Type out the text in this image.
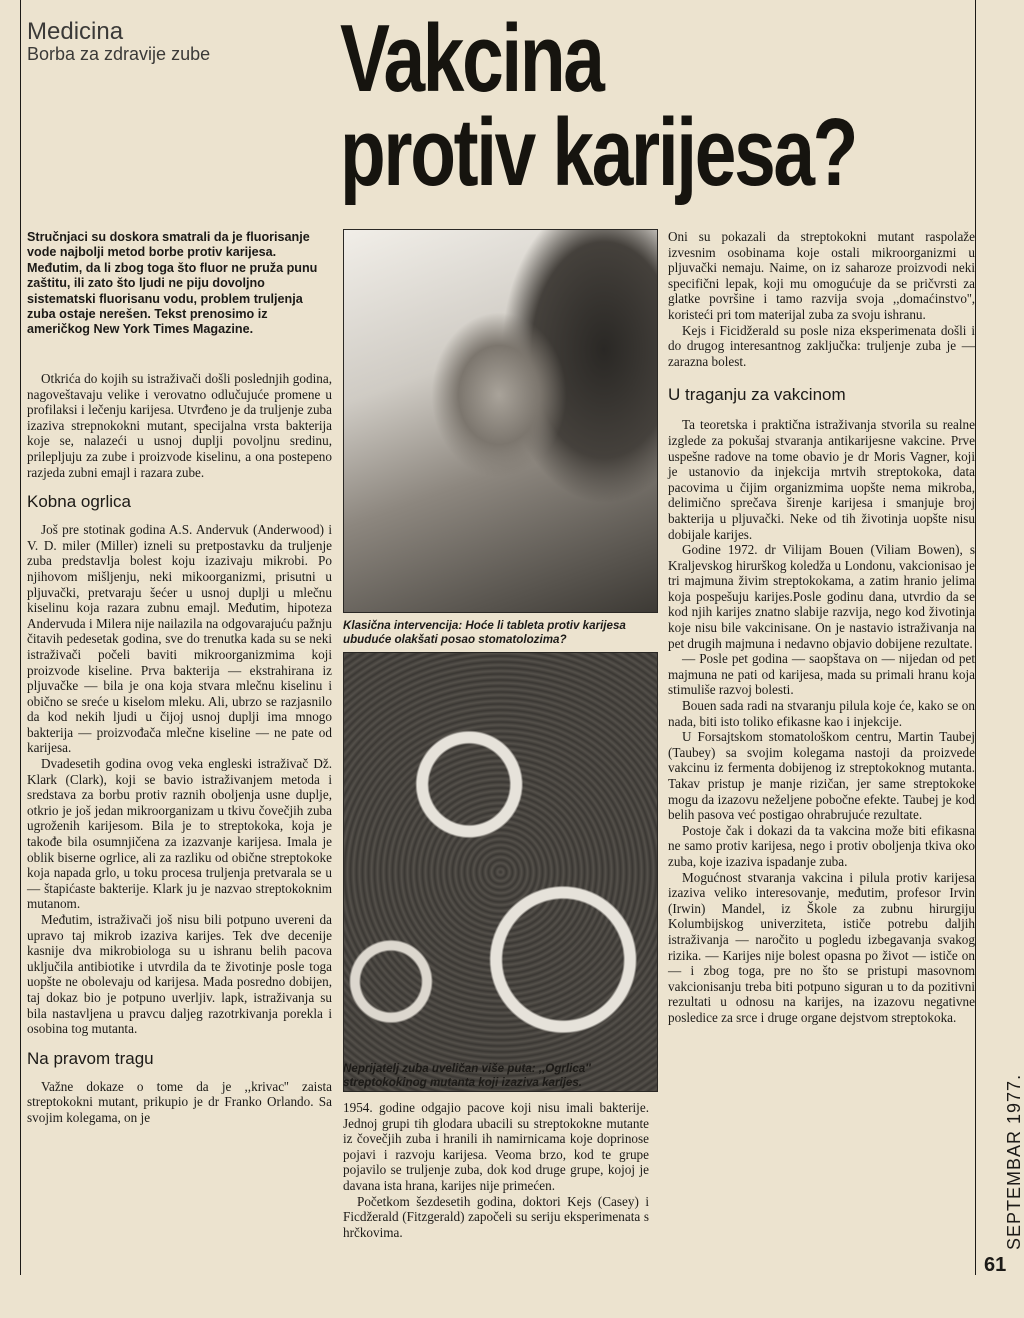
Medicina
Borba za zdravije zube Vakcina
protiv karijesa?
Stručnjaci su doskora smatrali da je fluorisanje vode najbolji metod borbe protiv karijesa. Međutim, da li zbog toga što fluor ne pruža punu zaštitu, ili zato što ljudi ne piju dovoljno sistematski fluorisanu vodu, problem truljenja zuba ostaje nerešen. Tekst prenosimo iz američkog New York Times Magazine.

Otkrića do kojih su istraživači došli poslednjih godina, nagoveštavaju velike i verovatno odlučujuće promene u profilaksi i lečenju karijesa. Utvrđeno je da truljenje zuba izaziva strepnokokni mutant, specijalna vrsta bakterija koje se, nalazeći u usnoj duplji povoljnu sredinu, prilepljuju za zube i proizvode kiselinu, a ona postepeno razjeda zubni emajl i razara zube.

Kobna ogrlica

Još pre stotinak godina A.S. Andervuk (Anderwood) i V. D. miler (Miller) izneli su pretpostavku da truljenje zuba predstavlja bolest koju izazivaju mikrobi. Po njihovom mišljenju, neki mikoorganizmi, prisutni u pljuvački, pretvaraju šećer u usnoj duplji u mlečnu kiselinu koja razara zubnu emajl. Međutim, hipoteza Andervuda i Milera nije nailazila na odgovarajuću pažnju čitavih pedesetak godina, sve do trenutka kada su se neki istraživači počeli baviti mikroorganizmima koji proizvode kiseline. Prva bakterija — ekstrahirana iz pljuvačke — bila je ona koja stvara mlečnu kiselinu i obično se sreće u kiselom mleku. Ali, ubrzo se razjasnilo da kod nekih ljudi u čijoj usnoj duplji ima mnogo bakterija — proizvođača mlečne kiseline — ne pate od karijesa.

Dvadesetih godina ovog veka engleski istraživač Dž. Klark (Clark), koji se bavio istraživanjem metoda i sredstava za borbu protiv raznih oboljenja usne duplje, otkrio je još jedan mikroorganizam u tkivu čovečjih zuba ugroženih karijesom. Bila je to streptokoka, koja je takođe bila osumnjičena za izazvanje karijesa. Imala je oblik biserne ogrlice, ali za razliku od obične streptokoke koja napada grlo, u toku procesa truljenja pretvarala se u — štapićaste bakterije. Klark ju je nazvao streptokoknim mutanom.

Međutim, istraživači još nisu bili potpuno uvereni da upravo taj mikrob izaziva karijes. Tek dve decenije kasnije dva mikrobiologa su u ishranu belih pacova uključila antibiotike i utvrdila da te životinje posle toga uopšte ne obolevaju od karijesa. Mada posredno dobijen, taj dokaz bio je potpuno uverljiv. lapk, istraživanja su bila nastavljena u pravcu daljeg razotrkivanja porekla i osobina tog mutanta.

Na pravom tragu

Važne dokaze o tome da je ,,krivac'' zaista streptokokni mutant, prikupio je dr Franko Orlando. Sa svojim kolegama, on je

Klasična intervencija: Hoće li tableta protiv karijesa ubuduće olakšati posao stomatolozima?
Neprijatelj zuba uveličan više puta: ,,Ogrlica'' streptokokinog mutanta koji izaziva karijes.

1954. godine odgajio pacove koji nisu imali bakterije. Jednoj grupi tih glodara ubacili su streptokokne mutante iz čovečjih zuba i hranili ih namirnicama koje doprinose pojavi i razvoju karijesa. Veoma brzo, kod te grupe pojavilo se truljenje zuba, dok kod druge grupe, kojoj je davana ista hrana, karijes nije primećen.

Početkom šezdesetih godina, doktori Kejs (Casey) i Ficdžerald (Fitzgerald) započeli su seriju eksperimenata s hrčkovima.

Oni su pokazali da streptokokni mutant raspolaže izvesnim osobinama koje ostali mikroorganizmi u pljuvački nemaju. Naime, on iz saharoze proizvodi neki specifični lepak, koji mu omogućuje da se pričvrsti za glatke površine i tamo razvija svoja ,,domaćinstvo'', koristeći pri tom materijal zuba za svoju ishranu.

Kejs i Ficidžerald su posle niza eksperimenata došli i do drugog interesantnog zaključka: truljenje zuba je — zarazna bolest.

U traganju za vakcinom

Ta teoretska i praktična istraživanja stvorila su realne izglede za pokušaj stvaranja antikarijesne vakcine. Prve uspešne radove na tome obavio je dr Moris Vagner, koji je ustanovio da injekcija mrtvih streptokoka, data pacovima u čijim organizmima uopšte nema mikroba, delimično sprečava širenje karijesa i smanjuje broj bakterija u pljuvački. Neke od tih životinja uopšte nisu dobijale karijes.

Godine 1972. dr Vilijam Bouen (Viliam Bowen), s Kraljevskog hirurškog koledža u Londonu, vakcionisao je tri majmuna živim streptokokama, a zatim hranio jelima koja pospešuju karijes.Posle godinu dana, utvrdio da se kod njih karijes znatno slabije razvija, nego kod životinja koje nisu bile vakcinisane. On je nastavio istraživanja na pet drugih majmuna i nedavno objavio dobijene rezultate.

— Posle pet godina — saopštava on — nijedan od pet majmuna ne pati od karijesa, mada su primali hranu koja stimuliše razvoj bolesti.

Bouen sada radi na stvaranju pilula koje će, kako se on nada, biti isto toliko efikasne kao i injekcije.

U Forsajtskom stomatološkom centru, Martin Taubej (Taubey) sa svojim kolegama nastoji da proizvede vakcinu iz fermenta dobijenog iz streptokoknog mutanta. Takav pristup je manje rizičan, jer same streptokoke mogu da izazovu neželjene pobočne efekte. Taubej je kod belih pasova već postigao ohrabrujuće rezultate.

Postoje čak i dokazi da ta vakcina može biti efikasna ne samo protiv karijesa, nego i protiv oboljenja tkiva oko zuba, koje izaziva ispadanje zuba.

Mogućnost stvaranja vakcina i pilula protiv karijesa izaziva veliko interesovanje, međutim, profesor Irvin (Irwin) Mandel, iz Škole za zubnu hirurgiju Kolumbijskog univerziteta, ističe potrebu daljih istraživanja — naročito u pogledu izbegavanja svakog rizika. — Karijes nije bolest opasna po život — ističe on— i zbog toga, pre no što se pristupi masovnom vakcionisanju treba biti potpuno siguran u to da pozitivni rezultati u odnosu na karijes, na izazovu negativne posledice za srce i druge organe dejstvom streptokoka.

SEPTEMBAR 1977.
61
